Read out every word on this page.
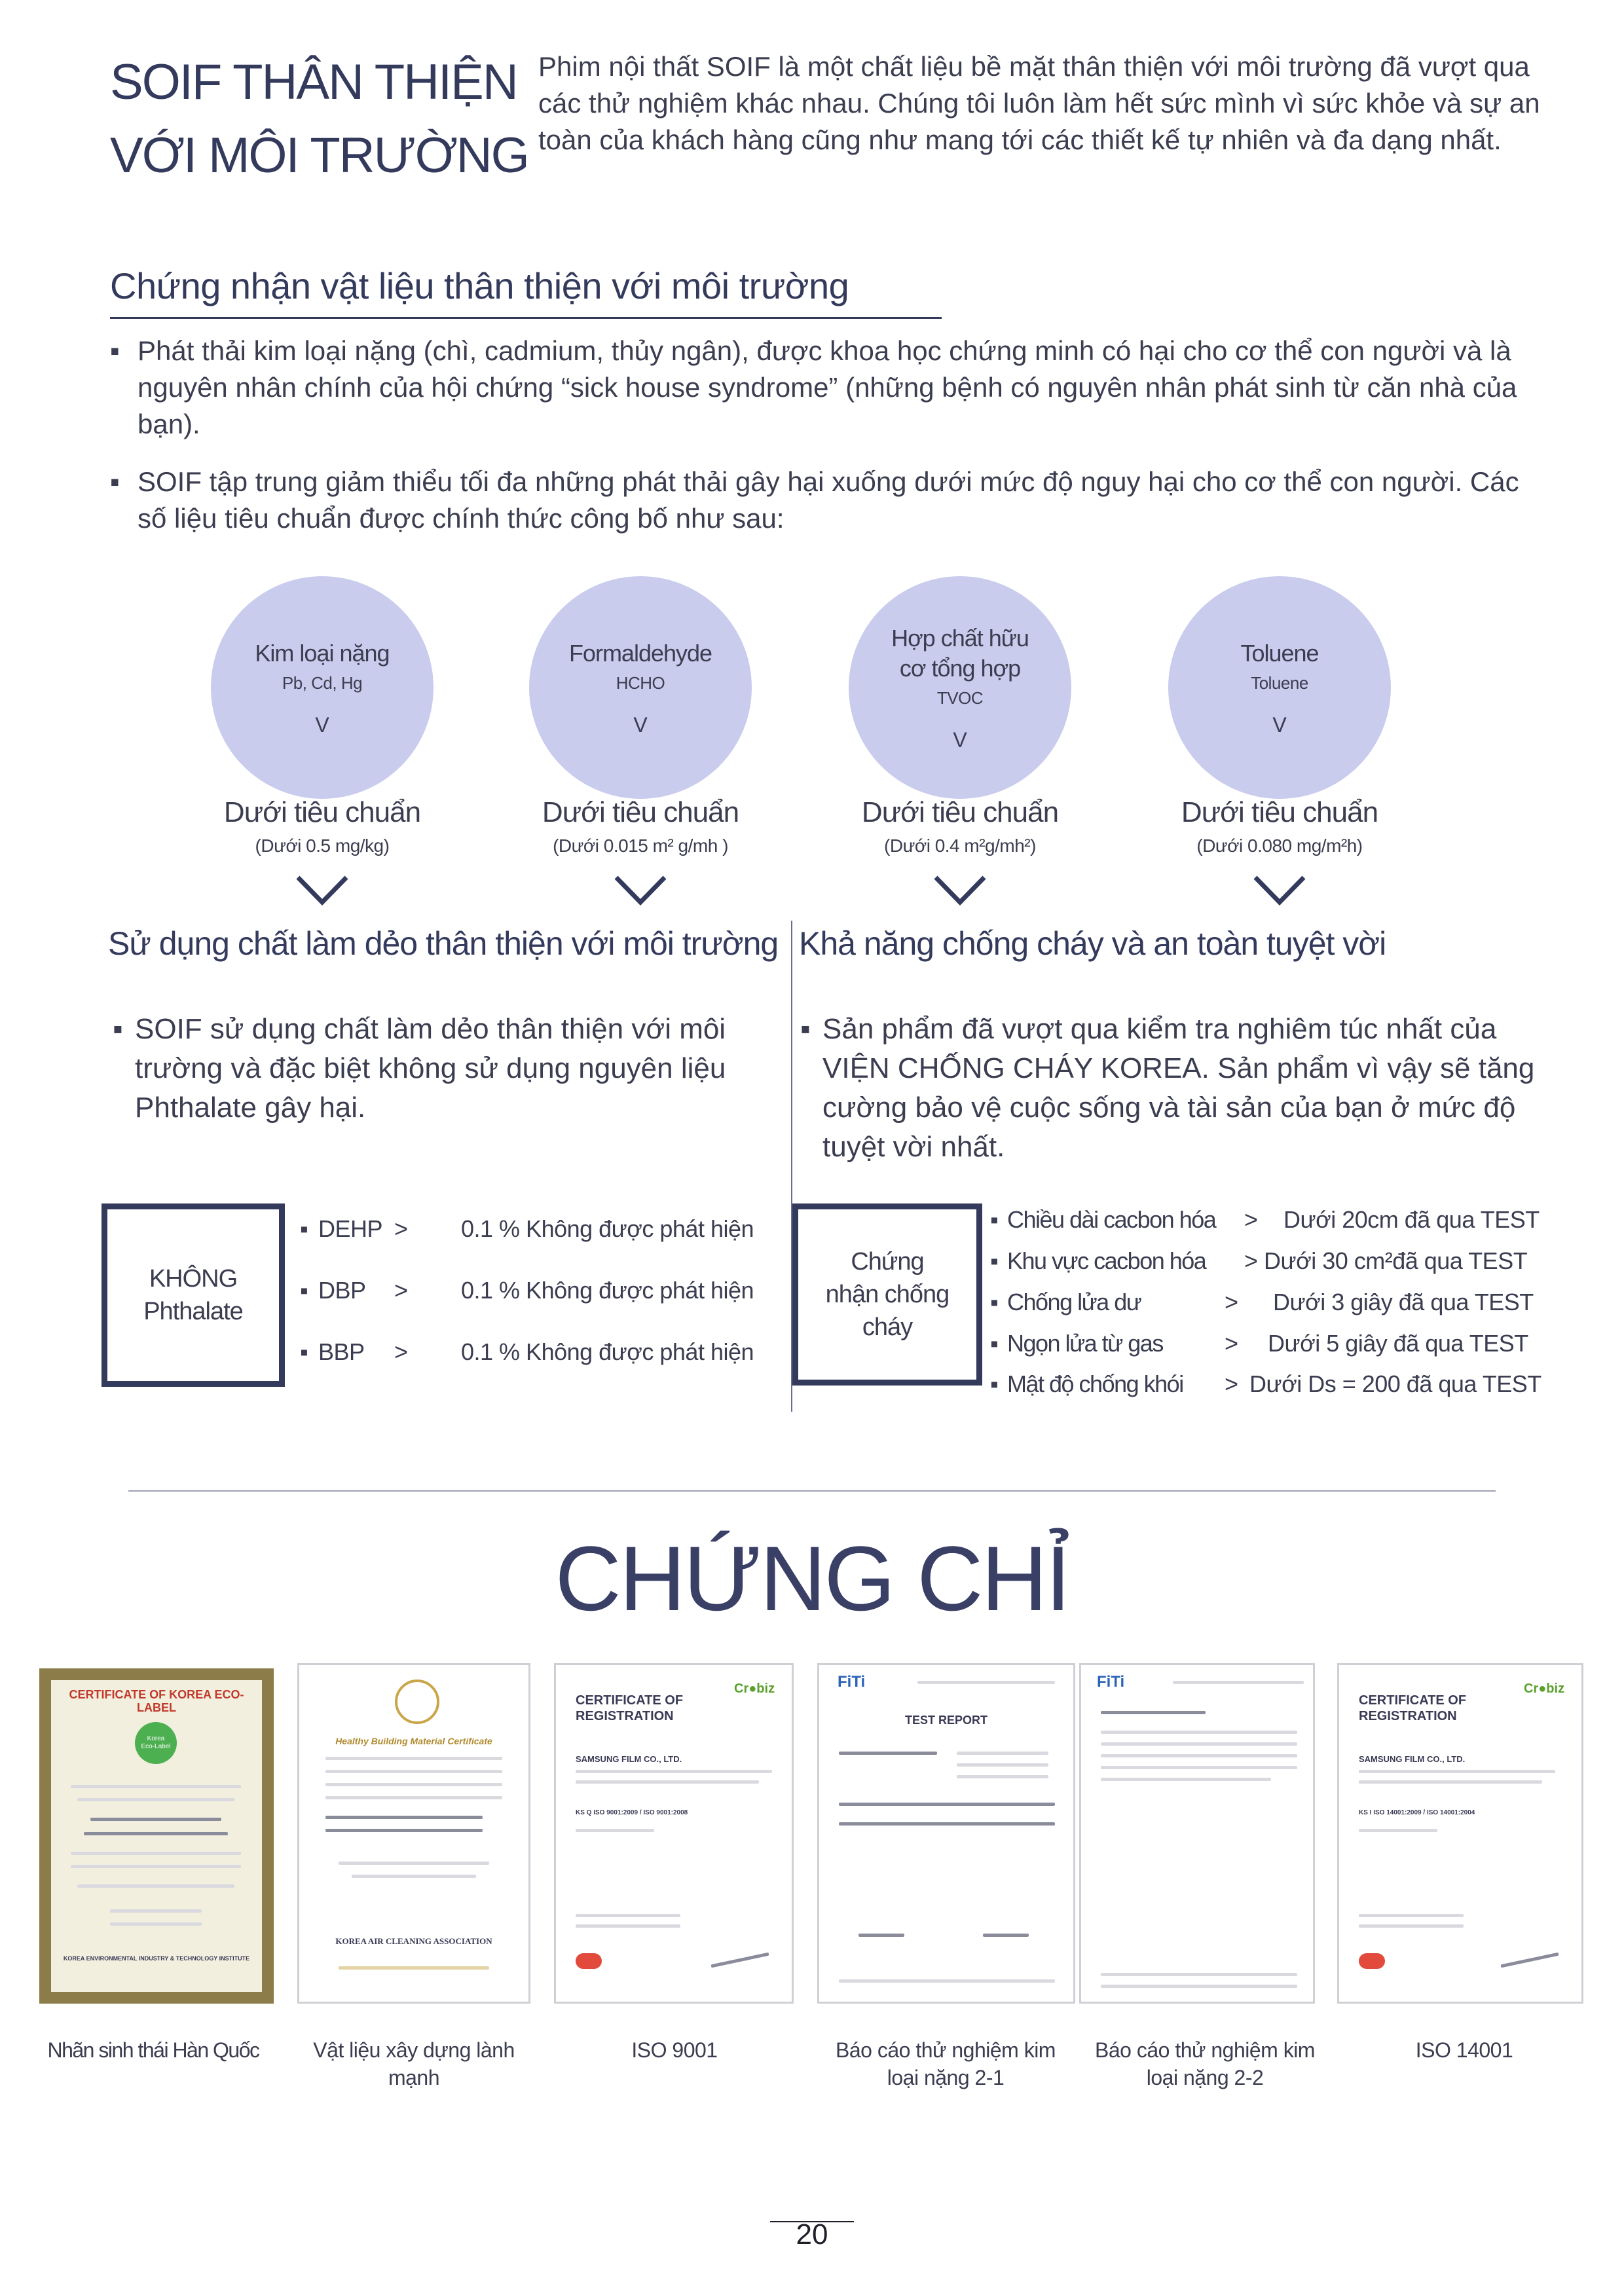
SOIF THÂN THIỆN
VỚI MÔI TRƯỜNG
Phim nội thất SOIF là một chất liệu bề mặt thân thiện với môi trường đã vượt qua các thử nghiệm khác nhau. Chúng tôi luôn làm hết sức mình vì sức khỏe và sự an toàn của khách hàng cũng như mang tới các thiết kế tự nhiên và đa dạng nhất.
Chứng nhận vật liệu thân thiện với môi trường
▪ Phát thải kim loại nặng (chì, cadmium, thủy ngân), được khoa học chứng minh có hại cho cơ thể con người và là nguyên nhân chính của hội chứng “sick house syndrome” (những bệnh có nguyên nhân phát sinh từ căn nhà của bạn).
▪ SOIF tập trung giảm thiểu tối đa những phát thải gây hại xuống dưới mức độ nguy hại cho cơ thể con người. Các số liệu tiêu chuẩn được chính thức công bố như sau:
Kim loại nặng
Pb, Cd, Hg
V
Formaldehyde
HCHO
V
Hợp chất hữu cơ tổng hợp
TVOC
V
Toluene
Toluene
V
Dưới tiêu chuẩn
(Dưới 0.5 mg/kg)
Dưới tiêu chuẩn
(Dưới 0.015 m² g/mh )
Dưới tiêu chuẩn
(Dưới 0.4 m²g/mh²)
Dưới tiêu chuẩn
(Dưới 0.080 mg/m²h)
Sử dụng chất làm dẻo thân thiện với môi trường Khả năng chống cháy và an toàn tuyệt vời
▪ SOIF sử dụng chất làm dẻo thân thiện với môi trường và đặc biệt không sử dụng nguyên liệu Phthalate gây hại.
▪ Sản phẩm đã vượt qua kiểm tra nghiêm túc nhất của VIỆN CHỐNG CHÁY KOREA. Sản phẩm vì vậy sẽ tăng cường bảo vệ cuộc sống và tài sản của bạn ở mức độ tuyệt vời nhất.
KHÔNG Phthalate
▪ DEHP > 0.1 % Không được phát hiện
▪ DBP > 0.1 % Không được phát hiện
▪ BBP > 0.1 % Không được phát hiện
Chứng nhận chống cháy
▪ Chiều dài cacbon hóa > Dưới 20cm đã qua TEST
▪ Khu vực cacbon hóa > Dưới 30 cm²đã qua TEST
▪ Chống lửa dư	> Dưới 3 giây đã qua TEST
▪ Ngọn lửa từ gas	> Dưới 5 giây đã qua TEST
▪ Mật độ chống khói > Dưới Ds = 200 đã qua TEST
CHỨNG CHỈ
CERTIFICATE OF KOREA ECO- LABEL
Korea Eco-Label
KOREA ENVIRONMENTAL INDUSTRY & TECHNOLOGY INSTITUTE
Healthy Building Material Certificate
KOREA AIR CLEANING ASSOCIATION
CERTIFICATE OF REGISTRATION
Cr●biz
SAMSUNG FILM CO., LTD.
KS Q ISO 9001:2009 / ISO 9001:2008
FiTi
TEST REPORT
FiTi
CERTIFICATE OF REGISTRATION
Cr●biz
SAMSUNG FILM CO., LTD.
KS I ISO 14001:2009 / ISO 14001:2004
Nhãn sinh thái Hàn Quốc	Vật liệu xây dựng lành mạnh
ISO 9001	Báo cáo thử nghiệm kim loại nặng 2-1
Báo cáo thử nghiệm kim loại nặng 2-2
ISO 14001
20
